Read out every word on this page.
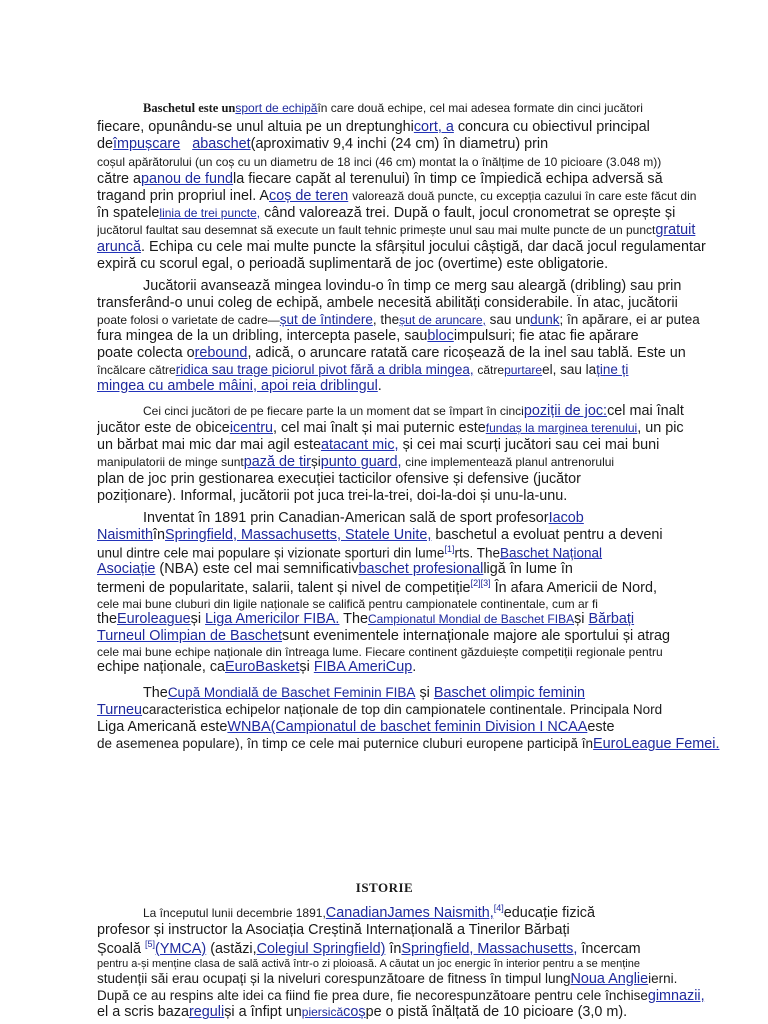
Baschetul este unsport de echipăîn care două echipe, cel mai adesea formate din cinci jucători
fiecare, opunându-se unul altuia pe un dreptunghicort, a concura cu obiectivul principal
deîmpușcare abaschet(aproximativ 9,4 inchi (24 cm) în diametru) prin
coșul apărătorului (un coș cu un diametru de 18 inci (46 cm) montat la o înălțime de 10 picioare (3.048 m))
către apanou de fundla fiecare capăt al terenului) în timp ce împiedică echipa adversă să
tragand prin propriul inel. Acoș de teren valorează două puncte, cu excepția cazului în care este făcut din
în spatelelinia de trei puncte, când valorează trei. După o fault, jocul cronometrat se oprește și
jucătorul faultat sau desemnat să execute un fault tehnic primește unul sau mai multe puncte de un punctgratuit
aruncă. Echipa cu cele mai multe puncte la sfârșitul jocului câștigă, dar dacă jocul regulamentar
expiră cu scorul egal, o perioadă suplimentară de joc (overtime) este obligatorie.
Jucătorii avansează mingea lovindu-o în timp ce merg sau aleargă (dribling) sau prin
transferând-o unui coleg de echipă, ambele necesită abilități considerabile. În atac, jucătorii
poate folosi o varietate de cadre—șut de întindere, theșut de aruncare, sau undunk; în apărare, ei ar putea
fura mingea de la un dribling, intercepta pasele, saublocimpulsuri; fie atac fie apărare
poate colecta orebound, adică, o aruncare ratată care ricoșează de la inel sau tablă. Este un
încălcare cătreridica sau trage piciorul pivot fără a dribla mingea, cătrepurtareel, sau laține ți
mingea cu ambele mâini, apoi reia driblingul.
Cei cinci jucători de pe fiecare parte la un moment dat se împart în cincipoziții de joc:cel mai înalt
jucător este de obiceicentru, cel mai înalt și mai puternic estefundaș la marginea terenului, un pic
un bărbat mai mic dar mai agil esteatacant mic, și cei mai scurți jucători sau cei mai buni
manipulatorii de minge suntpază de tirșipunto guard, cine implementează planul antrenorului
plan de joc prin gestionarea execuției tacticilor ofensive și defensive (jucător
poziționare). Informal, jucătorii pot juca trei-la-trei, doi-la-doi și unu-la-unu.
Inventat în 1891 prin Canadian-American sală de sport profesorIacob
NaismithînSpringfield, Massachusetts, Statele Unite, baschetul a evoluat pentru a deveni
unul dintre cele mai populare și vizionate sporturi din lume[1]rts. TheBaschet Național
Asociație (NBA) este cel mai semnificativbaschet profesionalligă în lume în
termeni de popularitate, salarii, talent și nivel de competiție[2][3] În afara Americii de Nord,
cele mai bune cluburi din ligile naționale se califică pentru campionatele continentale, cum ar fi
theEuroleagueși Liga Americilor FIBA. TheCampionatul Mondial de Baschet FIBAși Bărbați
Turneul Olimpian de Baschetsunt evenimentele internaționale majore ale sportului și atrag
cele mai bune echipe naționale din întreaga lume. Fiecare continent găzduiește competiții regionale pentru
echipe naționale, caEuroBasketși FIBA AmeriCup.
TheCupă Mondială de Baschet Feminin FIBA și Baschet olimpic feminin
Turneucaracteristica echipelor naționale de top din campionatele continentale. Principala Nord
Liga Americană esteWNBA(Campionatul de baschet feminin Division I NCAAeste
de asemenea populare), în timp ce cele mai puternice cluburi europene participă înEuroLeague Femei.
ISTORIE
La începutul lunii decembrie 1891,CanadianJames Naismith,[4]educație fizică
profesor și instructor la Asociația Creștină Internațională a Tinerilor Bărbați
Școală [5](YMCA) (astăzi,Colegiul Springfield) înSpringfield, Massachusetts, încercam
pentru a-și menține clasa de sală activă într-o zi ploioasă. A căutat un joc energic în interior pentru a se menține
studenții săi erau ocupați și la niveluri corespunzătoare de fitness în timpul lungNoua Anglieierni.
După ce au respins alte idei ca fiind fie prea dure, fie necorespunzătoare pentru cele închisegimnazii,
el a scris bazareguliși a înfipt unpiersicăcoșpe o pistă înălțată de 10 picioare (3,0 m).
